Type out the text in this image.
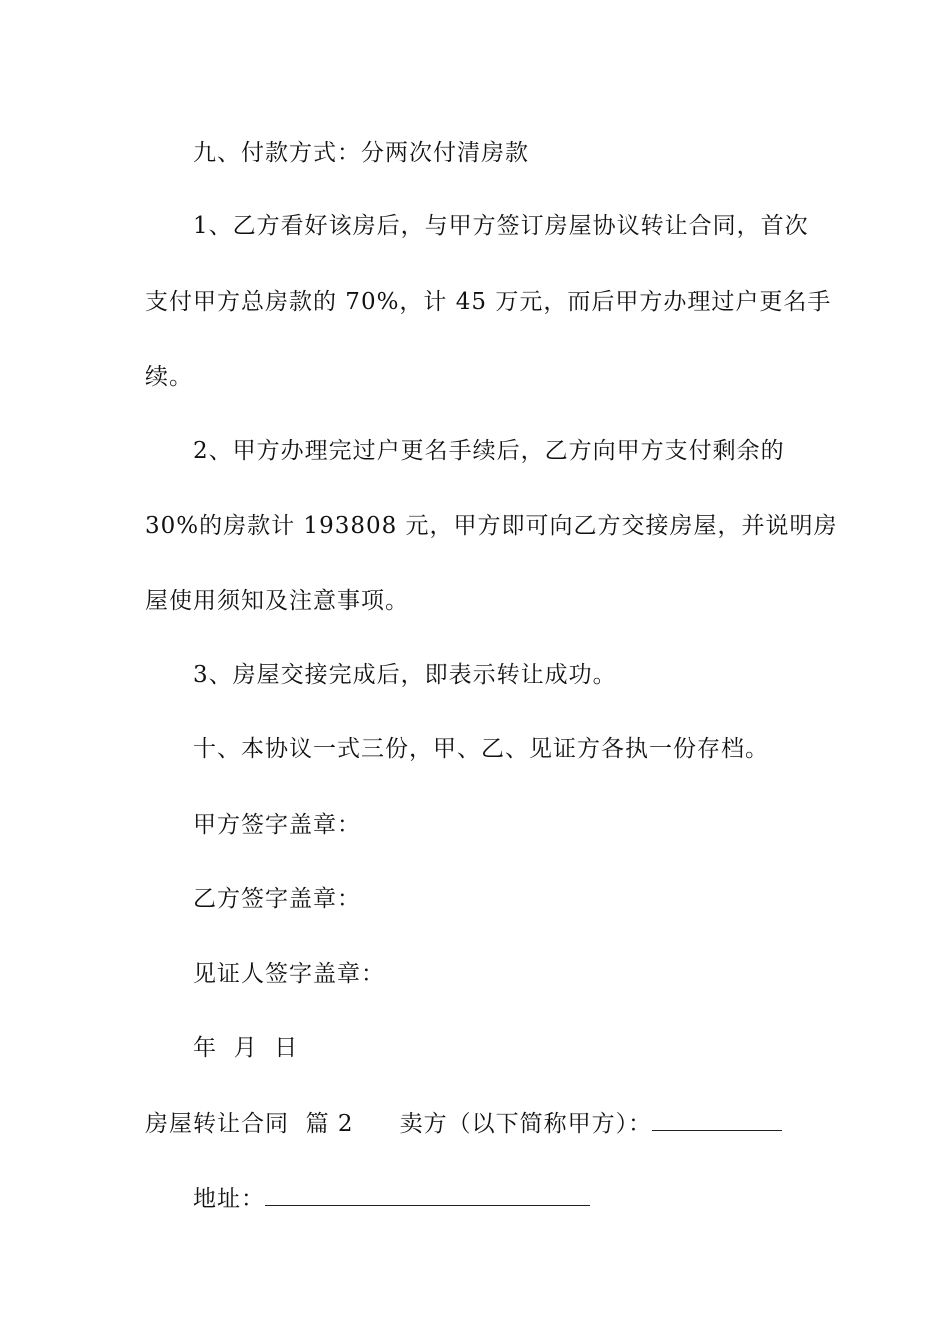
九、付款方式：分两次付清房款
1、乙方看好该房后，与甲方签订房屋协议转让合同，首次
支付甲方总房款的 70%，计 45 万元，而后甲方办理过户更名手
续。
2、甲方办理完过户更名手续后，乙方向甲方支付剩余的
30%的房款计 193808 元，甲方即可向乙方交接房屋，并说明房
屋使用须知及注意事项。
3、房屋交接完成后，即表示转让成功。
十、本协议一式三份，甲、乙、见证方各执一份存档。
甲方签字盖章：
乙方签字盖章：
见证人签字盖章：
年  月  日
房屋转让合同  篇 2 卖方（以下简称甲方）：
地址：
